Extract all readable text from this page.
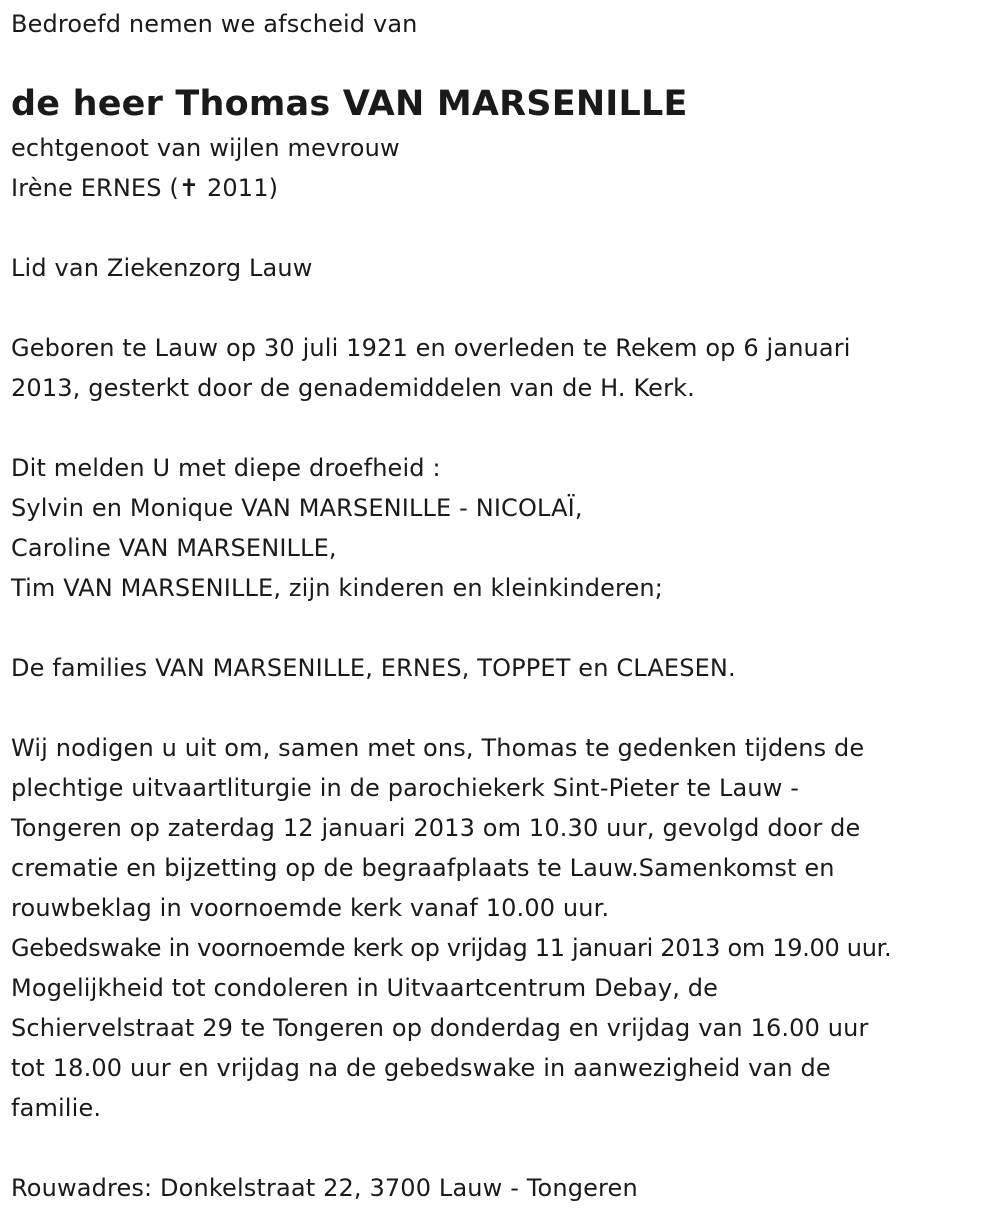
Bedroefd nemen we afscheid van
de heer Thomas VAN MARSENILLE
echtgenoot van wijlen mevrouw
Irène ERNES (✝ 2011)
Lid van Ziekenzorg Lauw
Geboren te Lauw op 30 juli 1921 en overleden te Rekem op 6 januari
2013, gesterkt door de genademiddelen van de H. Kerk.
Dit melden U met diepe droefheid :
Sylvin en Monique VAN MARSENILLE - NICOLAÏ,
Caroline VAN MARSENILLE,
Tim VAN MARSENILLE, zijn kinderen en kleinkinderen;
De families VAN MARSENILLE, ERNES, TOPPET en CLAESEN.
Wij nodigen u uit om, samen met ons, Thomas te gedenken tijdens de
plechtige uitvaartliturgie in de parochiekerk Sint-Pieter te Lauw -
Tongeren op zaterdag 12 januari 2013 om 10.30 uur, gevolgd door de
crematie en bijzetting op de begraafplaats te Lauw.Samenkomst en
rouwbeklag in voornoemde kerk vanaf 10.00 uur.
Gebedswake in voornoemde kerk op vrijdag 11 januari 2013 om 19.00 uur.
Mogelijkheid tot condoleren in Uitvaartcentrum Debay, de
Schiervelstraat 29 te Tongeren op donderdag en vrijdag van 16.00 uur
tot 18.00 uur en vrijdag na de gebedswake in aanwezigheid van de
familie.
Rouwadres: Donkelstraat 22, 3700 Lauw - Tongeren
